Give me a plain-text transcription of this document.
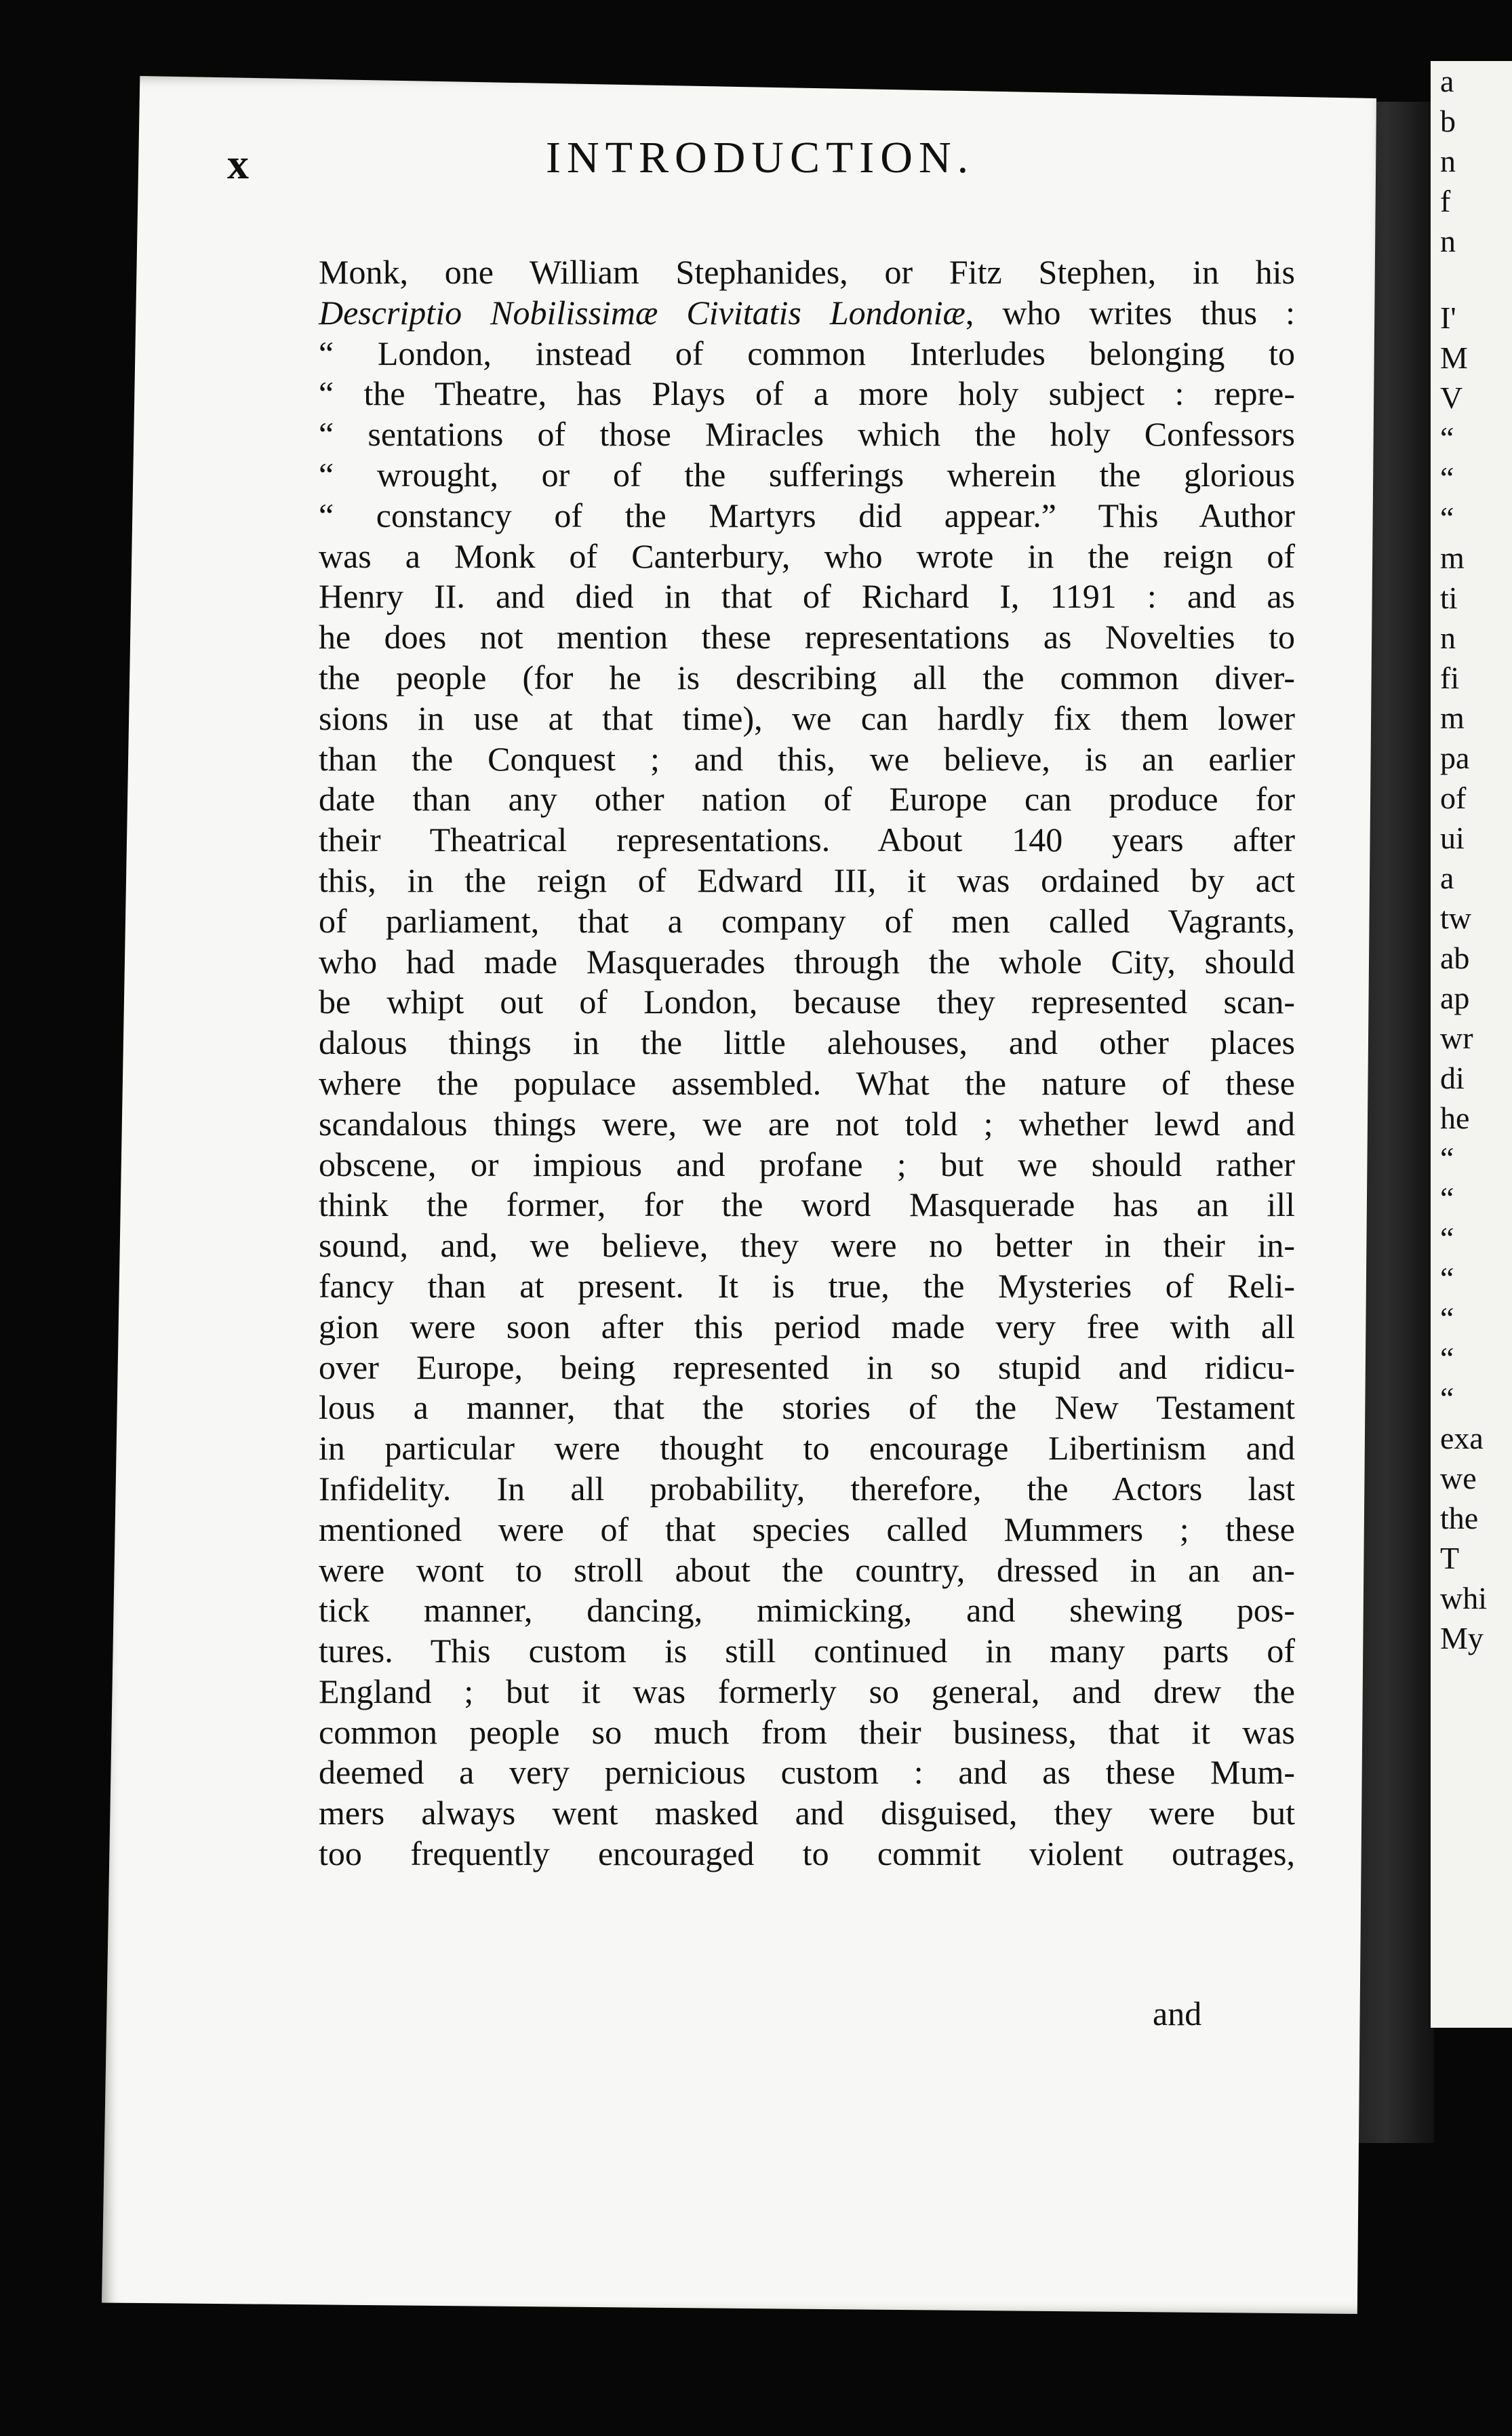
a
b
n
f
n
I'
M
V
“
“
“
m
ti
n
fi
m
pa
of
ui
a
tw
ab
ap
wr
di
he
“
“
“
“
“
“
“
exa
we
the
T
whi
My
x	INTRODUCTION.
Monk, one William Stephanides, or Fitz Stephen, in his
Descriptio Nobilissimæ Civitatis Londoniæ, who writes thus :
“ London, instead of common Interludes belonging to
“ the Theatre, has Plays of a more holy subject : repre-
“ sentations of those Miracles which the holy Confessors
“ wrought, or of the sufferings wherein the glorious
“ constancy of the Martyrs did appear.” This Author
was a Monk of Canterbury, who wrote in the reign of
Henry II. and died in that of Richard I, 1191 : and as
he does not mention these representations as Novelties to
the people (for he is describing all the common diver-
sions in use at that time), we can hardly fix them lower
than the Conquest ; and this, we believe, is an earlier
date than any other nation of Europe can produce for
their Theatrical representations. About 140 years after
this, in the reign of Edward III, it was ordained by act
of parliament, that a company of men called Vagrants,
who had made Masquerades through the whole City, should
be whipt out of London, because they represented scan-
dalous things in the little alehouses, and other places
where the populace assembled. What the nature of these
scandalous things were, we are not told ; whether lewd and
obscene, or impious and profane ; but we should rather
think the former, for the word Masquerade has an ill
sound, and, we believe, they were no better in their in-
fancy than at present. It is true, the Mysteries of Reli-
gion were soon after this period made very free with all
over Europe, being represented in so stupid and ridicu-
lous a manner, that the stories of the New Testament
in particular were thought to encourage Libertinism and
Infidelity. In all probability, therefore, the Actors last
mentioned were of that species called Mummers ; these
were wont to stroll about the country, dressed in an an-
tick manner, dancing, mimicking, and shewing pos-
tures. This custom is still continued in many parts of
England ; but it was formerly so general, and drew the
common people so much from their business, that it was
deemed a very pernicious custom : and as these Mum-
mers always went masked and disguised, they were but
too frequently encouraged to commit violent outrages,
and
